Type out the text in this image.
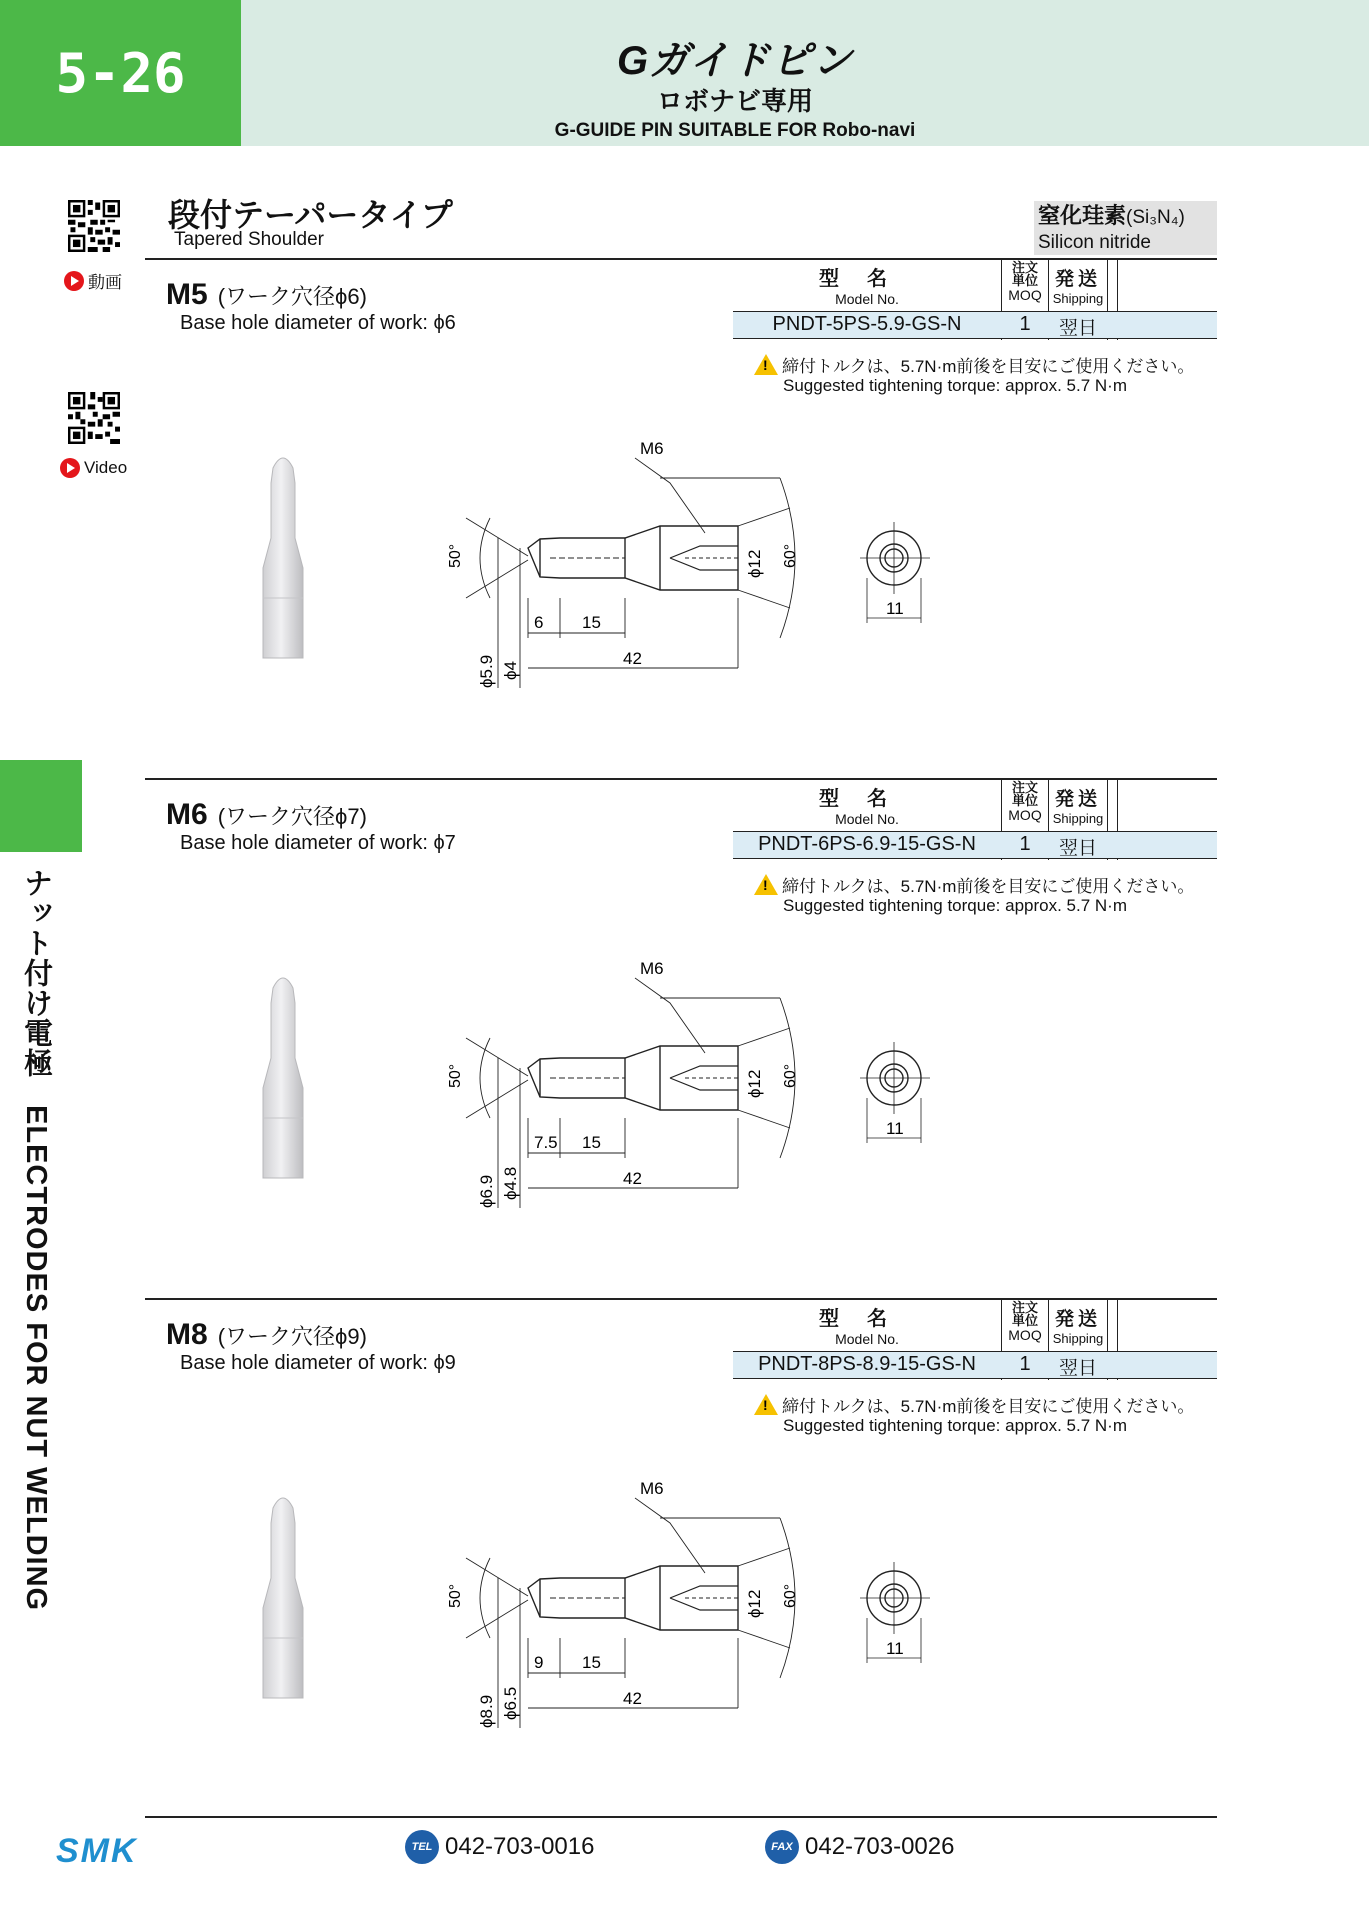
5-26	Gガイドピン
ロボナビ専用
G-GUIDE PIN SUITABLE FOR Robo-navi
動画
Video
段付テーパータイプ
Tapered Shoulder
窒化珪素(Si₃N₄)
Silicon nitride
M5 (ワーク穴径ϕ6)
Base hole diameter of work: ϕ6
型名
Model No.
注文単位
MOQ
発送
Shipping
PNDT-5PS-5.9-GS-N	1	翌日
!
締付トルクは、5.7N·m前後を目安にご使用ください。
Suggested tightening torque: approx. 5.7 N·m
M6
50°	60°
ϕ12
ϕ5.9 ϕ4
6 15
42
11
M6 (ワーク穴径ϕ7)
Base hole diameter of work: ϕ7
型名
Model No.
注文単位
MOQ
発送
Shipping
PNDT-6PS-6.9-15-GS-N	1	翌日
!
締付トルクは、5.7N·m前後を目安にご使用ください。
Suggested tightening torque: approx. 5.7 N·m
M6
50°	60°
ϕ12
ϕ6.9 ϕ4.8
7.5 15
42
11
M8 (ワーク穴径ϕ9)
Base hole diameter of work: ϕ9
型名
Model No.
注文単位
MOQ
発送
Shipping
PNDT-8PS-8.9-15-GS-N	1	翌日
!
締付トルクは、5.7N·m前後を目安にご使用ください。
Suggested tightening torque: approx. 5.7 N·m
M6
50°	60°
ϕ12
ϕ8.9 ϕ6.5
9 15
42
11
ナット付け電極 ELECTRODES FOR NUT WELDING
SMK	TEL 042-703-0016	FAX 042-703-0026
